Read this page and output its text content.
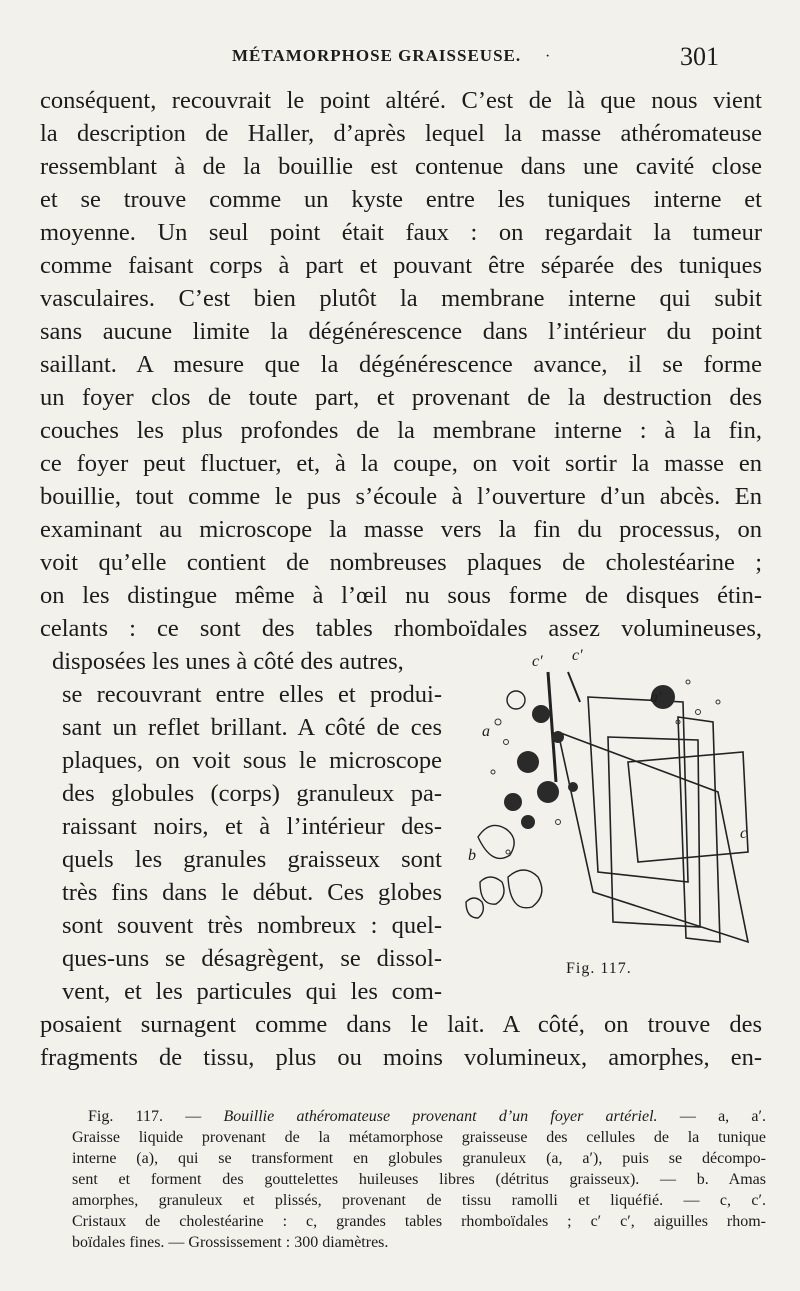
MÉTAMORPHOSE GRAISSEUSE. ·	301
conséquent, recouvrait le point altéré. C’est de là que nous vient
la description de Haller, d’après lequel la masse athéromateuse
ressemblant à de la bouillie est contenue dans une cavité close
et se trouve comme un kyste entre les tuniques interne et
moyenne. Un seul point était faux : on regardait la tumeur
comme faisant corps à part et pouvant être séparée des tuniques
vasculaires. C’est bien plutôt la membrane interne qui subit
sans aucune limite la dégénérescence dans l’intérieur du point
saillant. A mesure que la dégénérescence avance, il se forme
un foyer clos de toute part, et provenant de la destruction des
couches les plus profondes de la membrane interne : à la fin,
ce foyer peut fluctuer, et, à la coupe, on voit sortir la masse en
bouillie, tout comme le pus s’écoule à l’ouverture d’un abcès. En
examinant au microscope la masse vers la fin du processus, on
voit qu’elle contient de nombreuses plaques de cholestéarine ;
on les distingue même à l’œil nu sous forme de disques étin-
celants : ce sont des tables rhomboïdales assez volumineuses,
disposées les unes à côté des autres,
se recouvrant entre elles et produi-
sant un reflet brillant. A côté de ces
plaques, on voit sous le microscope
des globules (corps) granuleux pa-
raissant noirs, et à l’intérieur des-
quels les granules graisseux sont
très fins dans le début. Ces globes
sont souvent très nombreux : quel-
ques-uns se désagrègent, se dissol-
vent, et les particules qui les com-
posaient surnagent comme dans le lait. A côté, on trouve des
fragments de tissu, plus ou moins volumineux, amorphes, en-
c′ c′
a′
a
b
c
Fig. 117.
Fig. 117. — Bouillie athéromateuse provenant d’un foyer artériel. — a, a′.
Graisse liquide provenant de la métamorphose graisseuse des cellules de la tunique
interne (a), qui se transforment en globules granuleux (a, a′), puis se décompo-
sent et forment des gouttelettes huileuses libres (détritus graisseux). — b. Amas
amorphes, granuleux et plissés, provenant de tissu ramolli et liquéfié. — c, c′.
Cristaux de cholestéarine : c, grandes tables rhomboïdales ; c′ c′, aiguilles rhom-
boïdales fines. — Grossissement : 300 diamètres.
